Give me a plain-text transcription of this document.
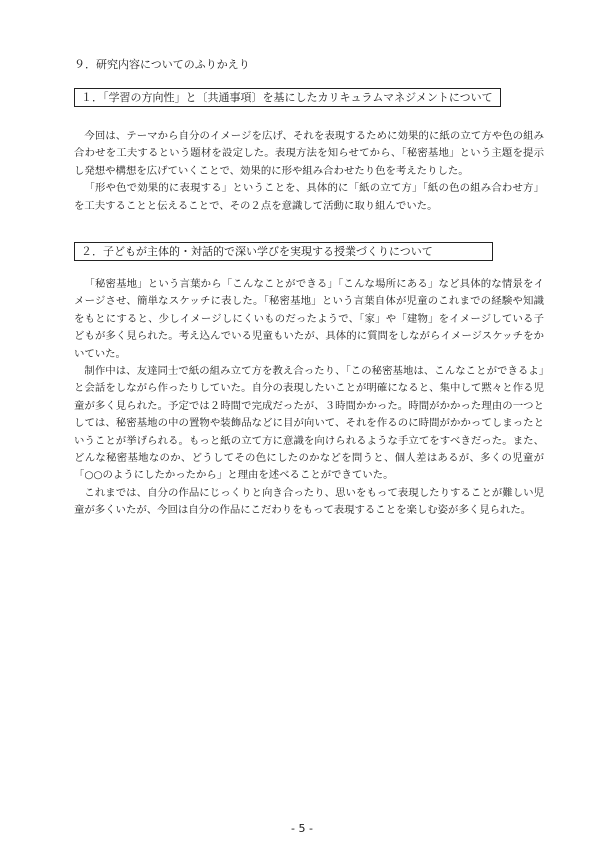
９．研究内容についてのふりかえり
１．「学習の方向性」と〔共通事項〕を基にしたカリキュラムマネジメントについて

今回は、テーマから自分のイメージを広げ、それを表現するために効果的に紙の立て方や色の組み合わせを工夫するという題材を設定した。表現方法を知らせてから、「秘密基地」という主題を提示し発想や構想を広げていくことで、効果的に形や組み合わせたり色を考えたりした。

「形や色で効果的に表現する」ということを、具体的に「紙の立て方」「紙の色の組み合わせ方」を工夫することと伝えることで、その２点を意識して活動に取り組んでいた。

２．子どもが主体的・対話的で深い学びを実現する授業づくりについて

「秘密基地」という言葉から「こんなことができる」「こんな場所にある」など具体的な情景をイメージさせ、簡単なスケッチに表した。「秘密基地」という言葉自体が児童のこれまでの経験や知識をもとにすると、少しイメージしにくいものだったようで、「家」や「建物」をイメージしている子どもが多く見られた。考え込んでいる児童もいたが、具体的に質問をしながらイメージスケッチをかいていた。

制作中は、友達同士で紙の組み立て方を教え合ったり、「この秘密基地は、こんなことができるよ」と会話をしながら作ったりしていた。自分の表現したいことが明確になると、集中して黙々と作る児童が多く見られた。予定では２時間で完成だったが、３時間かかった。時間がかかった理由の一つとしては、秘密基地の中の置物や装飾品などに目が向いて、それを作るのに時間がかかってしまったということが挙げられる。もっと紙の立て方に意識を向けられるような手立てをすべきだった。また、どんな秘密基地なのか、どうしてその色にしたのかなどを問うと、個人差はあるが、多くの児童が「○○のようにしたかったから」と理由を述べることができていた。

これまでは、自分の作品にじっくりと向き合ったり、思いをもって表現したりすることが難しい児童が多くいたが、今回は自分の作品にこだわりをもって表現することを楽しむ姿が多く見られた。

- 5 -
